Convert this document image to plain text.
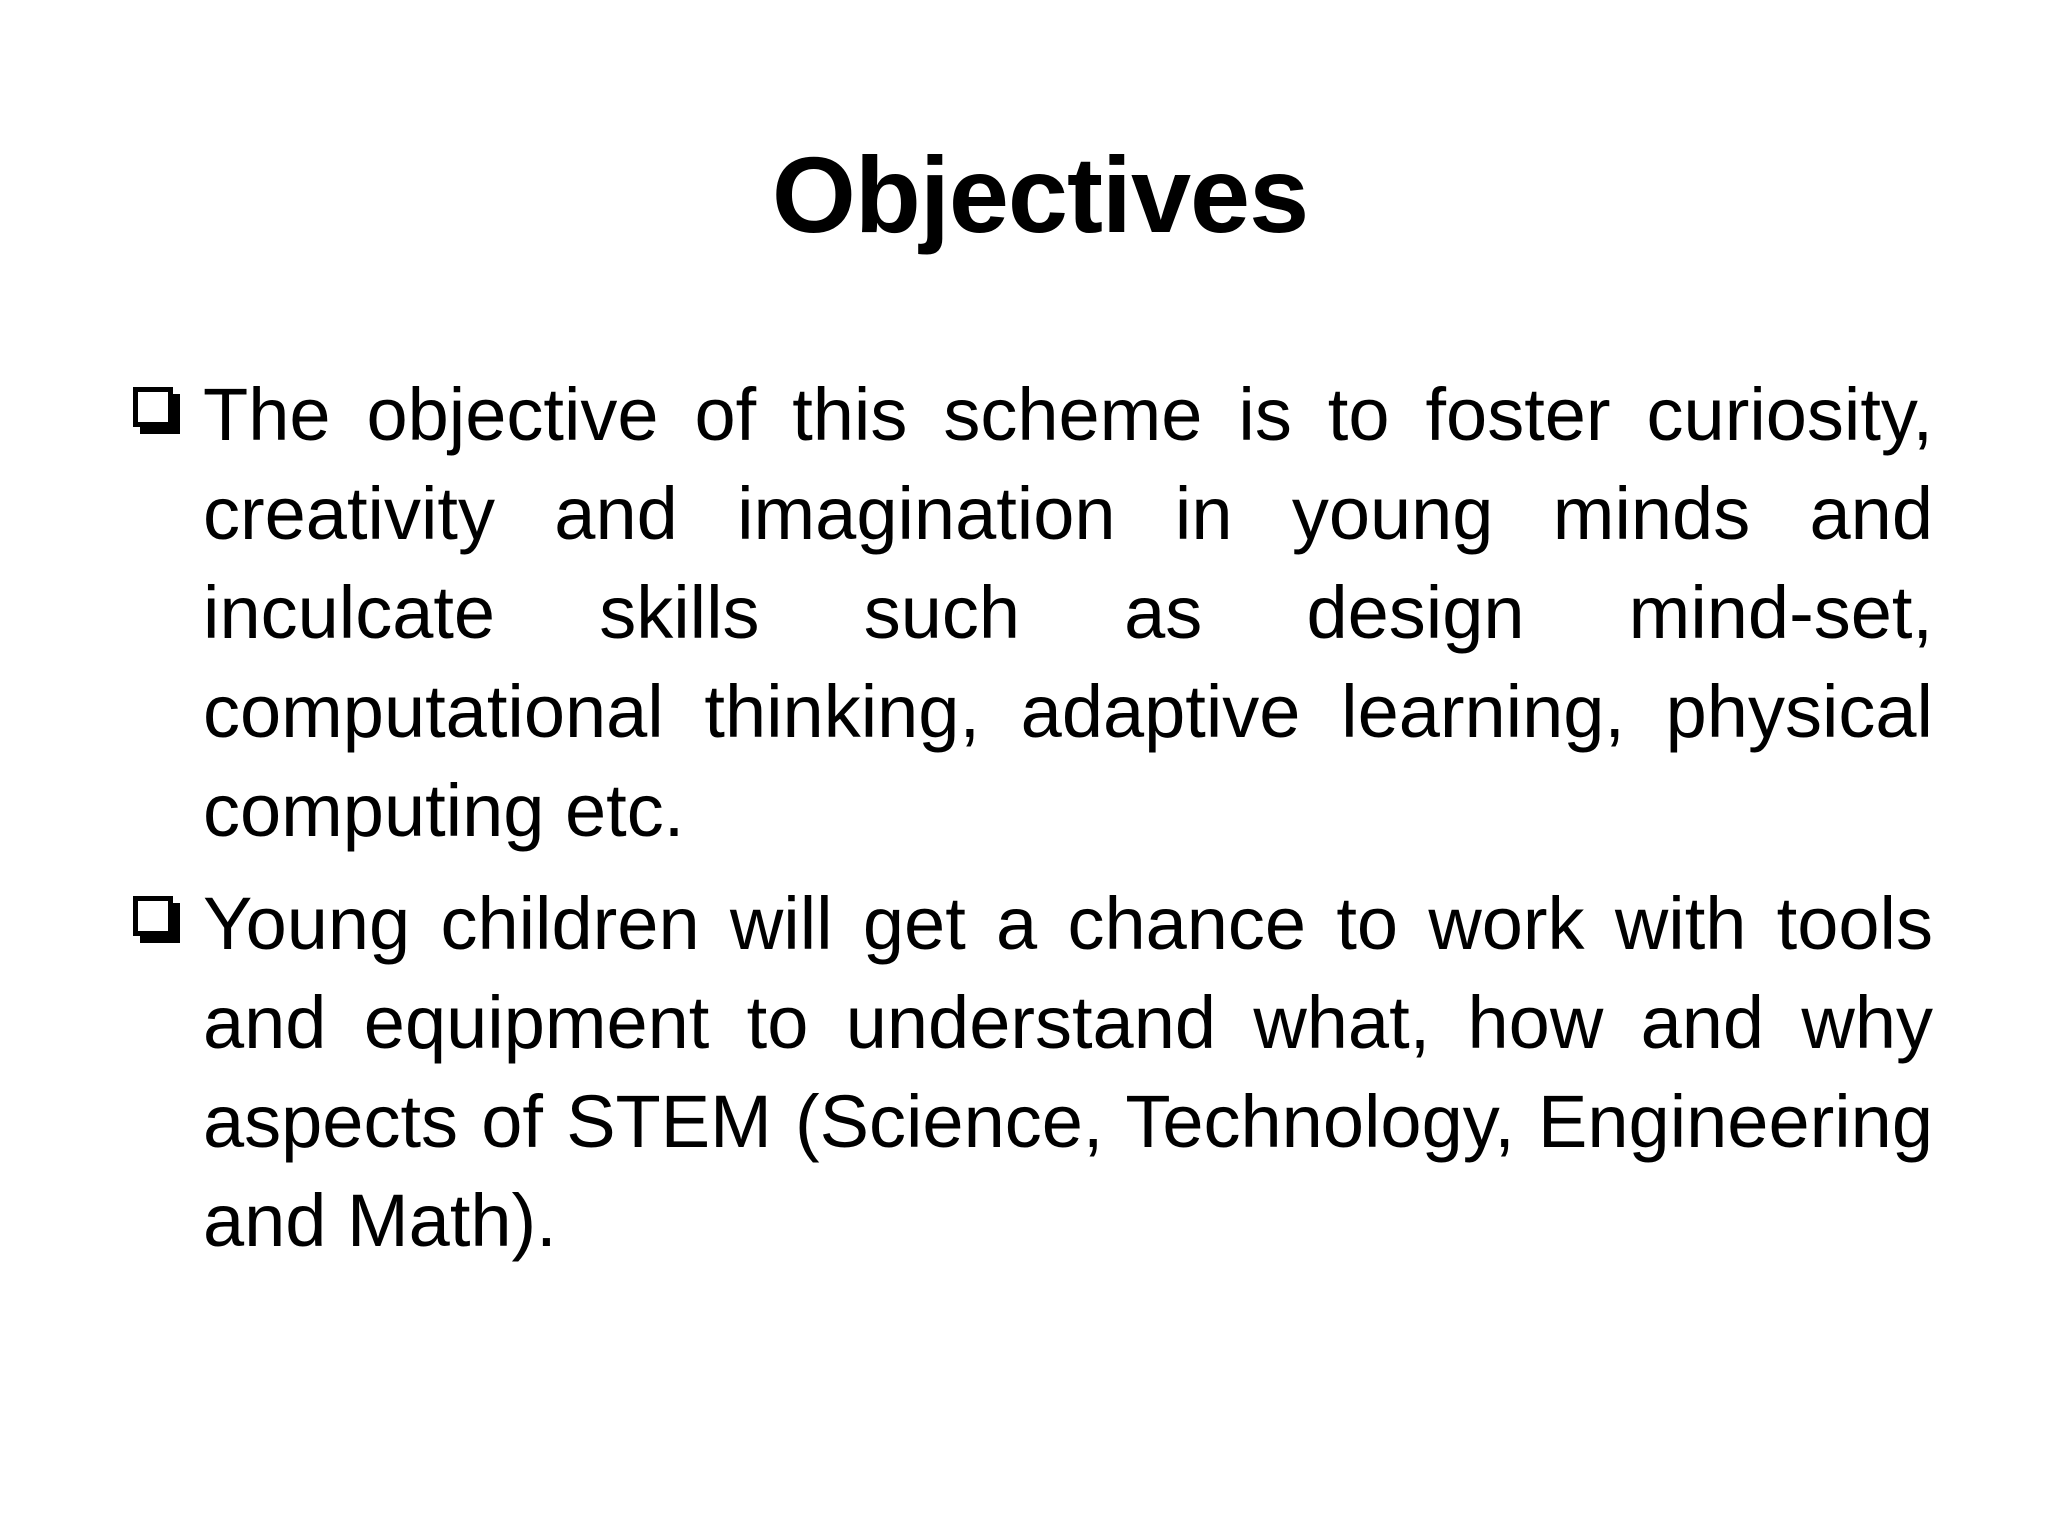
Objectives
The objective of this scheme is to foster curiosity, creativity and imagination in young minds and inculcate skills such as design mind-set, computational thinking, adaptive learning, physical computing etc.
Young children will get a chance to work with tools and equipment to understand what, how and why aspects of STEM (Science, Technology, Engineering and Math).
